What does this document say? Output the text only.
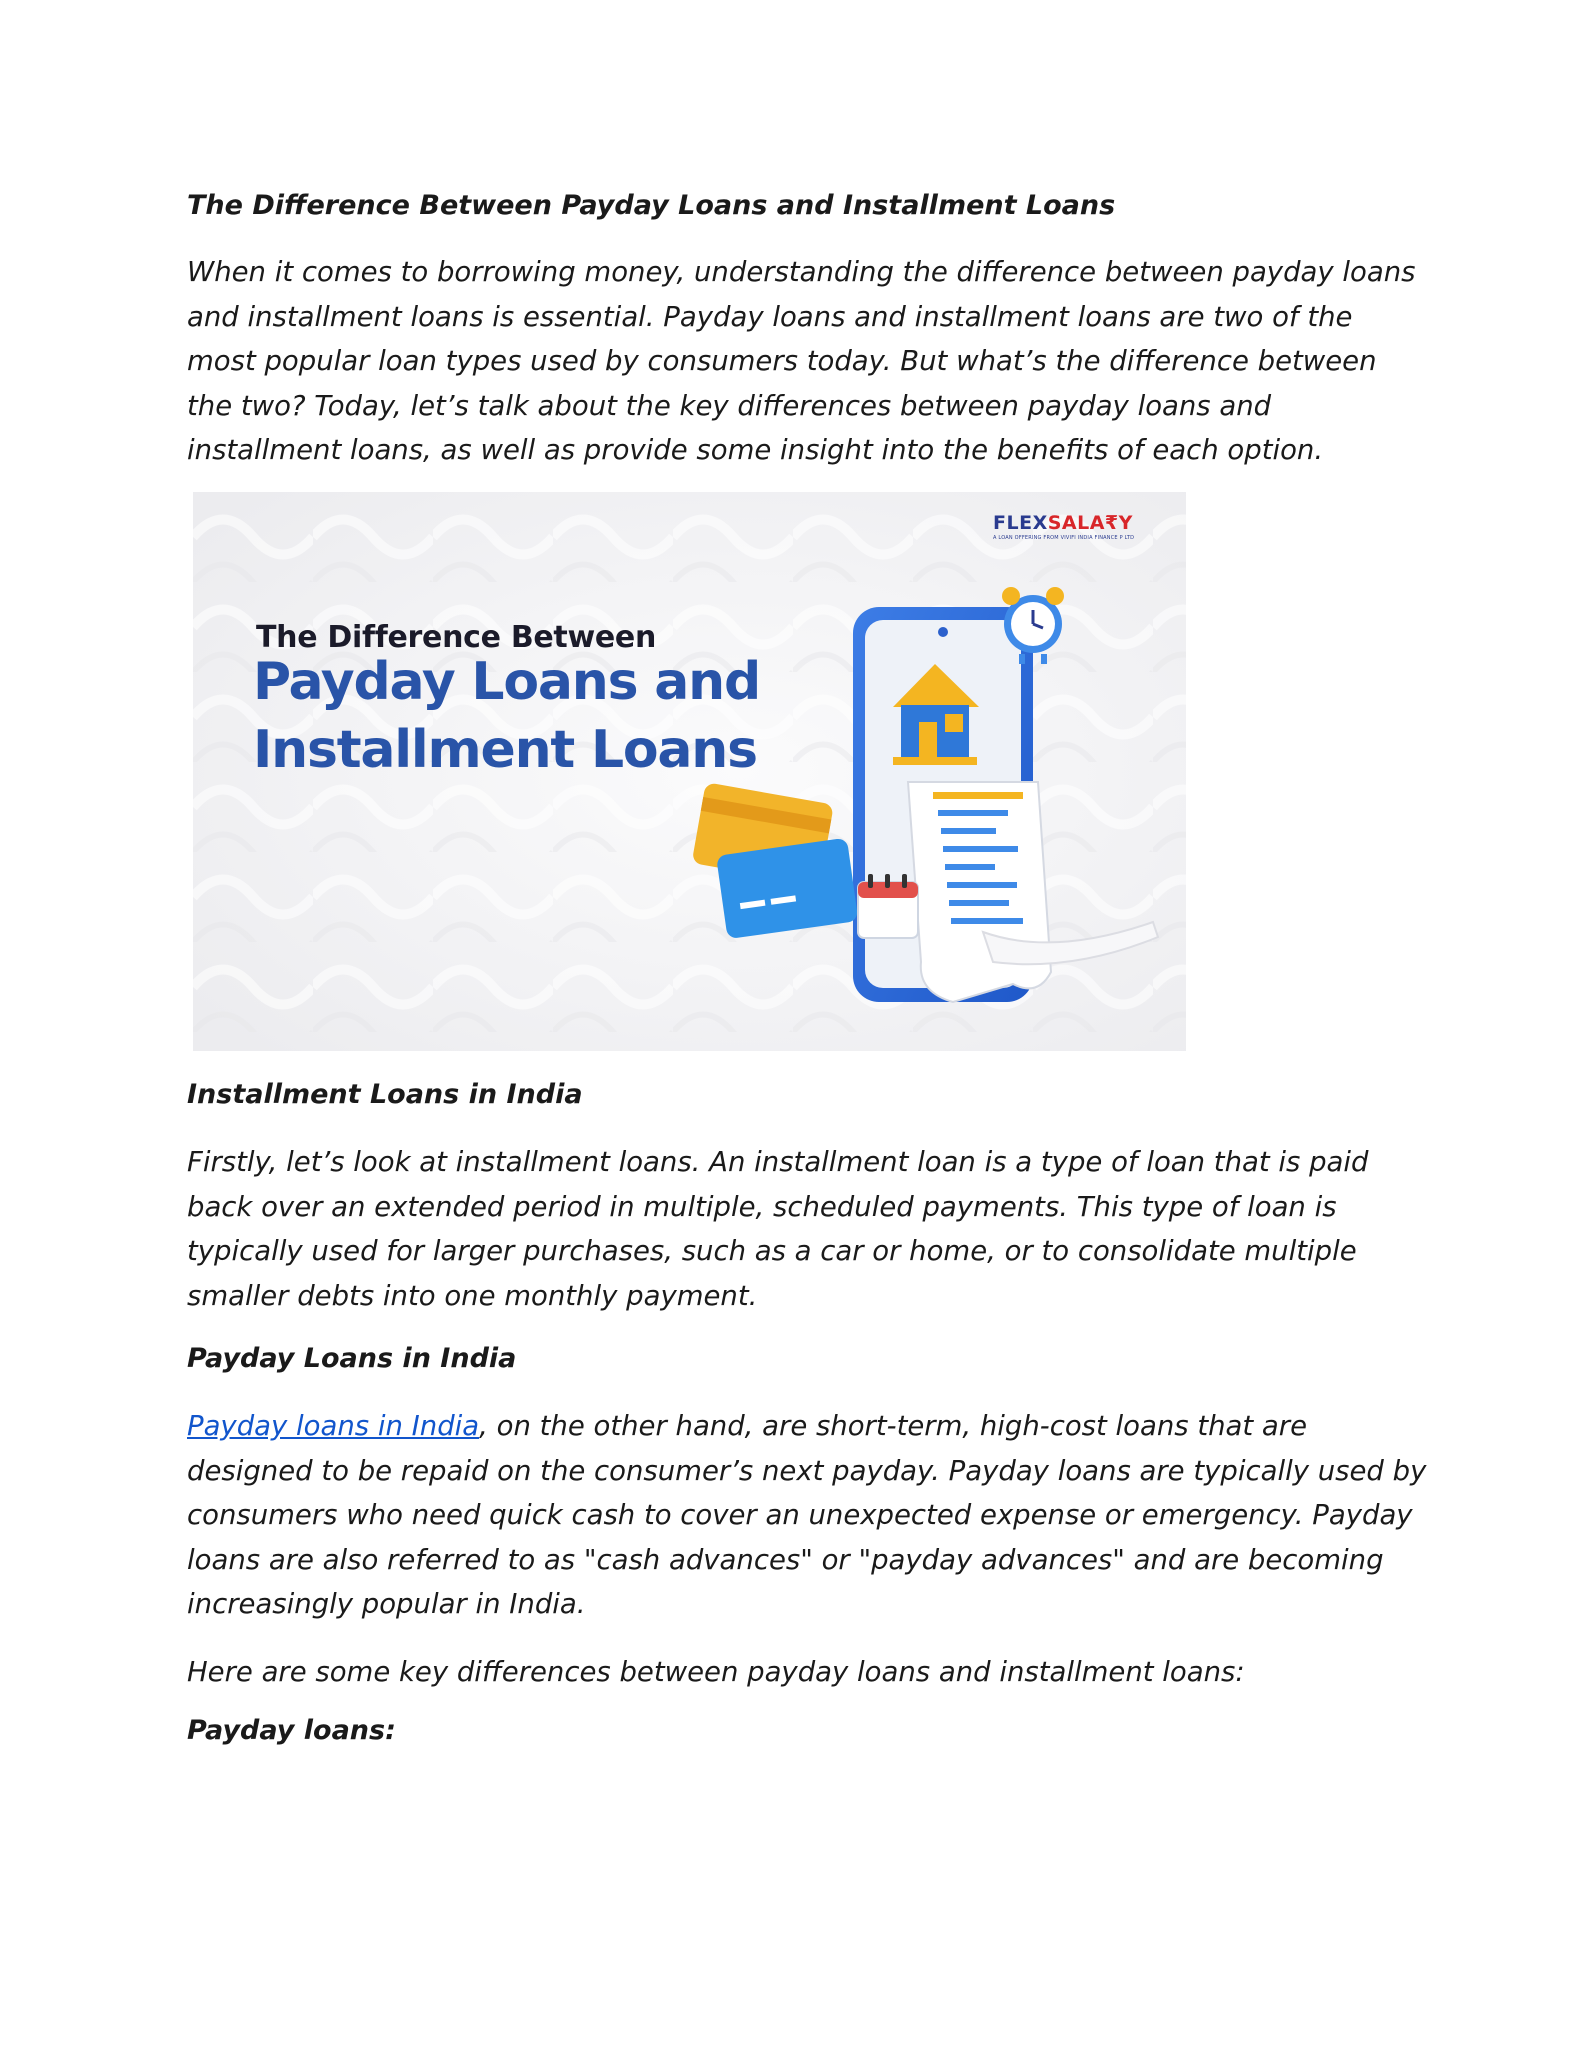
The Difference Between Payday Loans and Installment Loans

When it comes to borrowing money, understanding the difference between payday loans
and installment loans is essential. Payday loans and installment loans are two of the
most popular loan types used by consumers today. But what’s the difference between
the two? Today, let’s talk about the key differences between payday loans and
installment loans, as well as provide some insight into the benefits of each option.

Installment Loans in India

Firstly, let’s look at installment loans. An installment loan is a type of loan that is paid
back over an extended period in multiple, scheduled payments. This type of loan is
typically used for larger purchases, such as a car or home, or to consolidate multiple
smaller debts into one monthly payment.

Payday Loans in India

Payday loans in India, on the other hand, are short-term, high-cost loans that are
designed to be repaid on the consumer’s next payday. Payday loans are typically used by
consumers who need quick cash to cover an unexpected expense or emergency. Payday
loans are also referred to as "cash advances" or "payday advances" and are becoming
increasingly popular in India.

Here are some key differences between payday loans and installment loans:

Payday loans:
The Difference Between
Payday Loans and
Installment Loans
FLEXSALA₹Y
A LOAN OFFERING FROM VIVIFI INDIA FINANCE P LTD
